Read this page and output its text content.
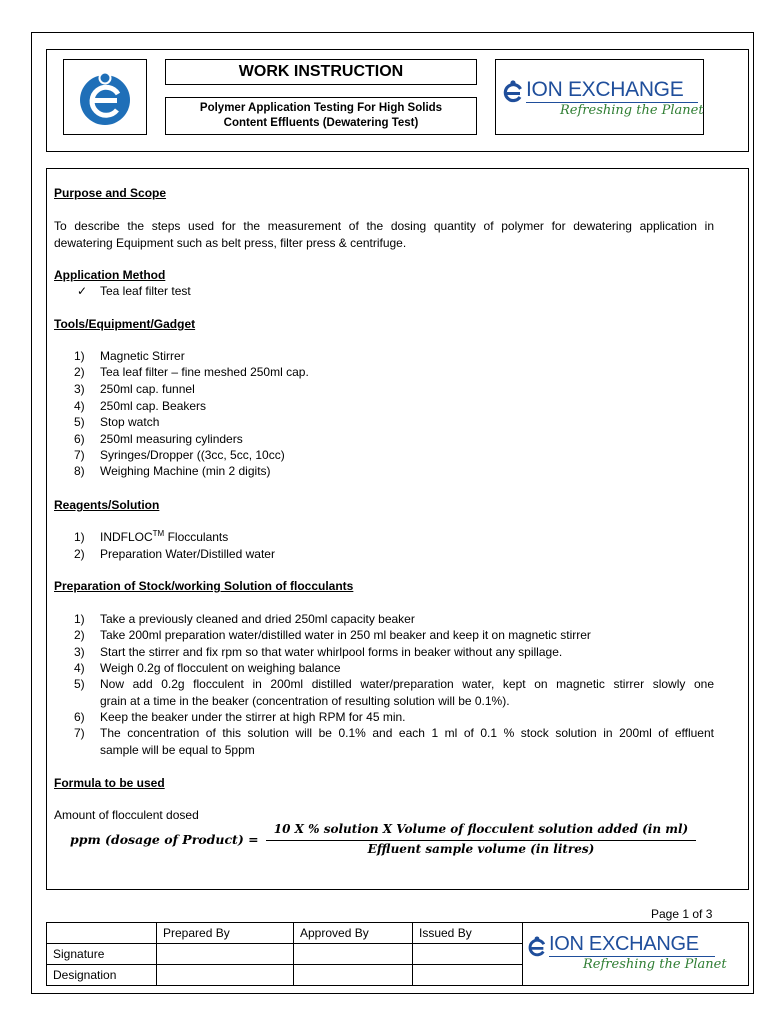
WORK INSTRUCTION
Polymer Application Testing For High Solids
Content Effluents (Dewatering Test)
ION EXCHANGE
Refreshing the Planet
Purpose and Scope
To describe the steps used for the measurement of the dosing quantity of polymer for dewatering application in
dewatering Equipment such as belt press, filter press & centrifuge.
Application Method
✓ Tea leaf filter test
Tools/Equipment/Gadget
1)	Magnetic Stirrer
2)	Tea leaf filter – fine meshed 250ml cap.
3)	250ml cap. funnel
4)	250ml cap. Beakers
5)	Stop watch
6)	250ml measuring cylinders
7)	Syringes/Dropper ((3cc, 5cc, 10cc)
8)	Weighing Machine (min 2 digits)
Reagents/Solution
1)	INDFLOC™ Flocculants
2)	Preparation Water/Distilled water
Preparation of Stock/working Solution of flocculants
1)	Take a previously cleaned and dried 250ml capacity beaker
2)	Take 200ml preparation water/distilled water in 250 ml beaker and keep it on magnetic stirrer
3)	Start the stirrer and fix rpm so that water whirlpool forms in beaker without any spillage.
4)	Weigh 0.2g of flocculent on weighing balance
5)	Now add 0.2g flocculent in 200ml distilled water/preparation water, kept on magnetic stirrer slowly one
grain at a time in the beaker (concentration of resulting solution will be 0.1%).
6)	Keep the beaker under the stirrer at high RPM for 45 min.
7)	The concentration of this solution will be 0.1% and each 1 ml of 0.1 % stock solution in 200ml of effluent
sample will be equal to 5ppm
Formula to be used
Amount of flocculent dosed
ppm (dosage of Product) =
10 X % solution X Volume of flocculent solution added (in ml)
Effluent sample volume (in litres)
Page 1 of 3
	Prepared By	Approved By	Issued By	
Signature				
Designation				
ION EXCHANGE
Refreshing the Planet
